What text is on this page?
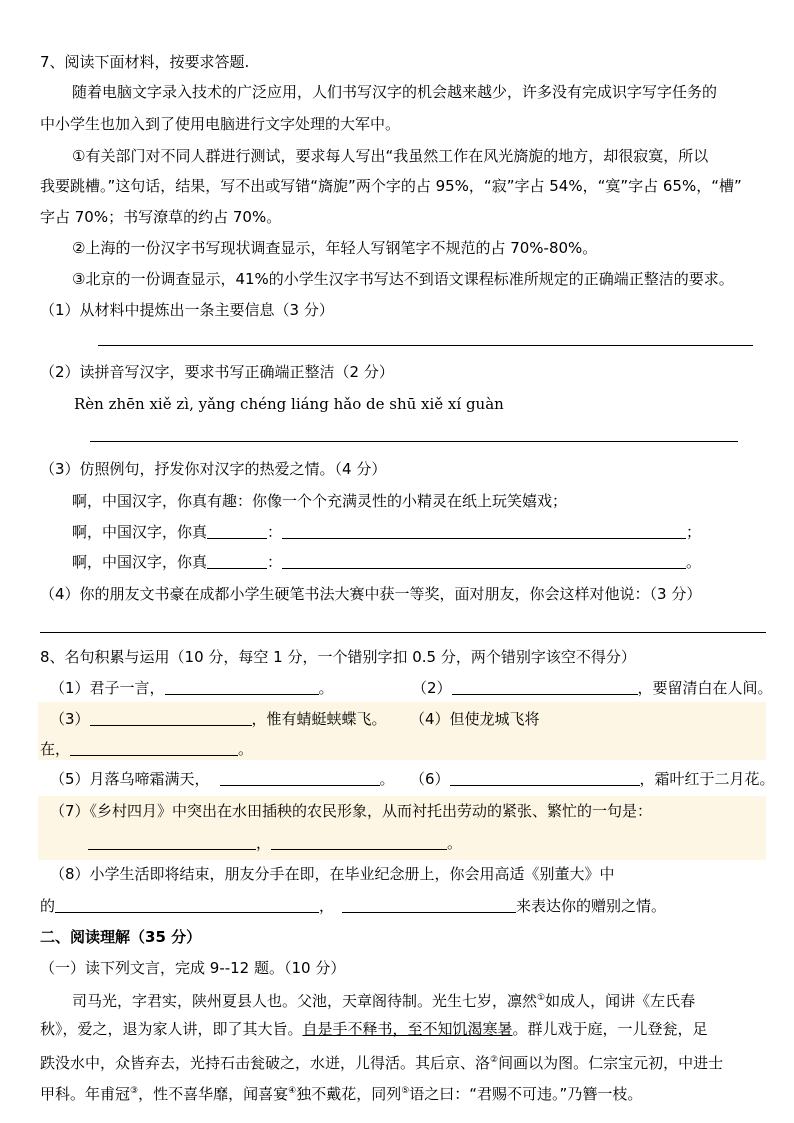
7、阅读下面材料，按要求答题.
随着电脑文字录入技术的广泛应用，人们书写汉字的机会越来越少，许多没有完成识字写字任务的
中小学生也加入到了使用电脑进行文字处理的大军中。
①有关部门对不同人群进行测试，要求每人写出“我虽然工作在风光旖旎的地方，却很寂寞，所以
我要跳槽。”这句话，结果，写不出或写错“旖旎”两个字的占 95%，“寂”字占 54%，“寞”字占 65%，“槽”
字占 70%；书写潦草的约占 70%。
②上海的一份汉字书写现状调查显示，年轻人写钢笔字不规范的占 70%-80%。
③北京的一份调查显示，41%的小学生汉字书写达不到语文课程标准所规定的正确端正整洁的要求。
（1）从材料中提炼出一条主要信息（3 分）
（2）读拼音写汉字，要求书写正确端正整洁（2 分）
Rèn zhēn xiě zì, yǎng chéng liáng hǎo de shū xiě xí guàn
（3）仿照例句，抒发你对汉字的热爱之情。（4 分）
啊，中国汉字，你真有趣：你像一个个充满灵性的小精灵在纸上玩笑嬉戏；
啊，中国汉字，你真	：	；
啊，中国汉字，你真	：	。
（4）你的朋友文书豪在成都小学生硬笔书法大赛中获一等奖，面对朋友，你会这样对他说：（3 分）
8、名句积累与运用（10 分，每空 1 分，一个错别字扣 0.5 分，两个错别字该空不得分）
（1）君子一言，	。	（2）	，要留清白在人间。
（3）	，惟有蜻蜓蛱蝶飞。 （4）但使龙城飞将
在，	。
（5）月落乌啼霜满天，	。 （6）	，霜叶红于二月花。
（7）《乡村四月》中突出在水田插秧的农民形象，从而衬托出劳动的紧张、繁忙的一句是：
，	。
（8）小学生活即将结束，朋友分手在即，在毕业纪念册上，你会用高适《别董大》中
的	，	来表达你的赠别之情。
二、阅读理解（35 分）
（一）读下列文言，完成 9--12 题。（10 分）
司马光，字君实，陕州夏县人也。父池，天章阁待制。光生七岁，凛然①如成人，闻讲《左氏春
秋》，爱之，退为家人讲，即了其大旨。自是手不释书，至不知饥渴寒暑。群儿戏于庭，一儿登瓮，足
跌没水中，众皆弃去，光持石击瓮破之，水迸，儿得活。其后京、洛②间画以为图。仁宗宝元初，中进士
甲科。年甫冠③，性不喜华靡，闻喜宴④独不戴花，同列⑤语之曰：“君赐不可违。”乃簪一枝。
